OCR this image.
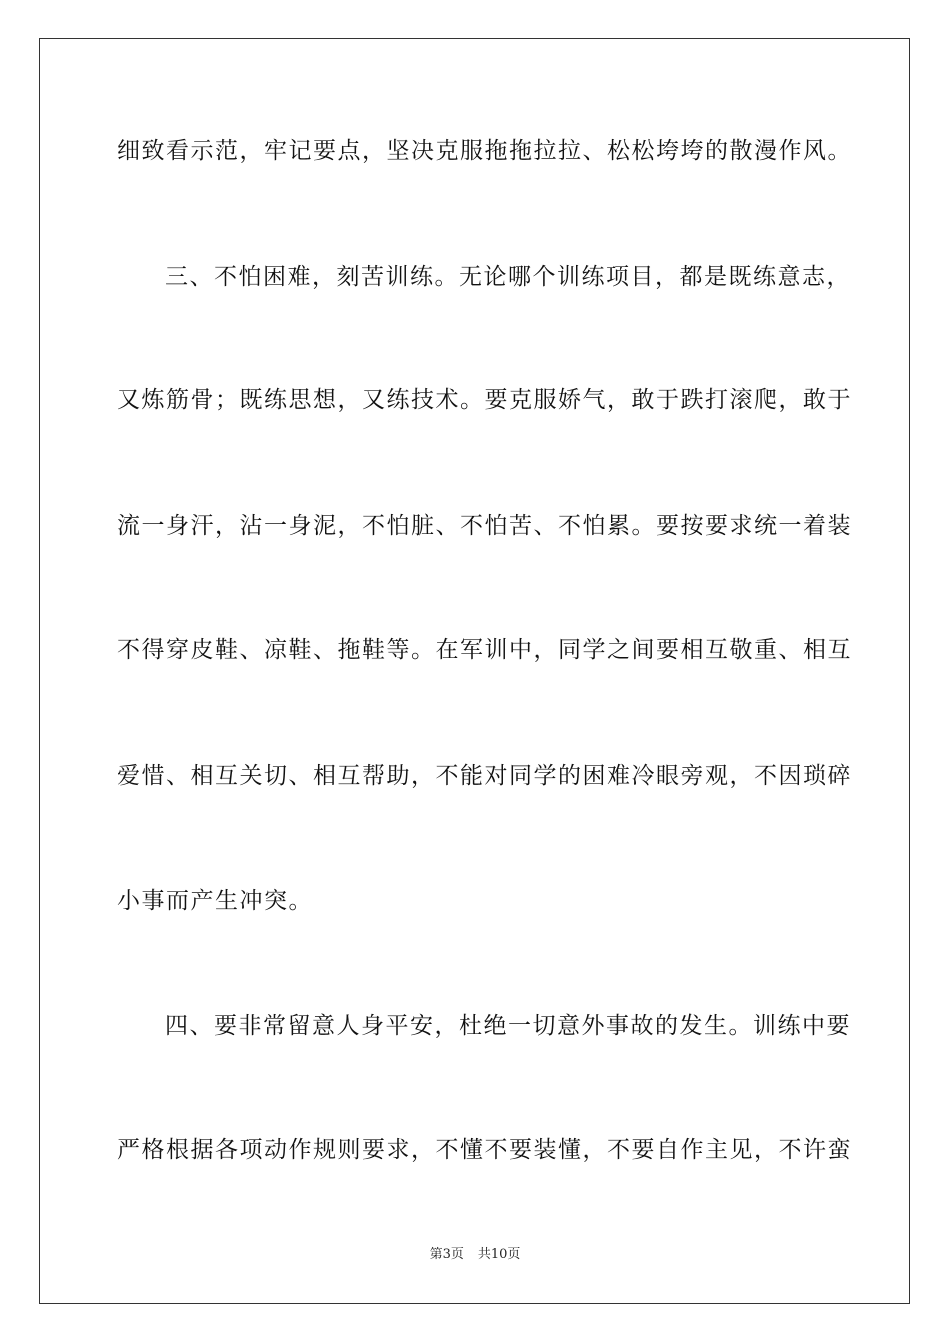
细致看示范，牢记要点，坚决克服拖拖拉拉、松松垮垮的散漫作风。
三、不怕困难，刻苦训练。无论哪个训练项目，都是既练意志，
又炼筋骨；既练思想，又练技术。要克服娇气，敢于跌打滚爬，敢于
流一身汗，沾一身泥，不怕脏、不怕苦、不怕累。要按要求统一着装
不得穿皮鞋、凉鞋、拖鞋等。在军训中，同学之间要相互敬重、相互
爱惜、相互关切、相互帮助，不能对同学的困难冷眼旁观，不因琐碎
小事而产生冲突。
四、要非常留意人身平安，杜绝一切意外事故的发生。训练中要
严格根据各项动作规则要求，不懂不要装懂，不要自作主见，不许蛮
第3页 共10页
